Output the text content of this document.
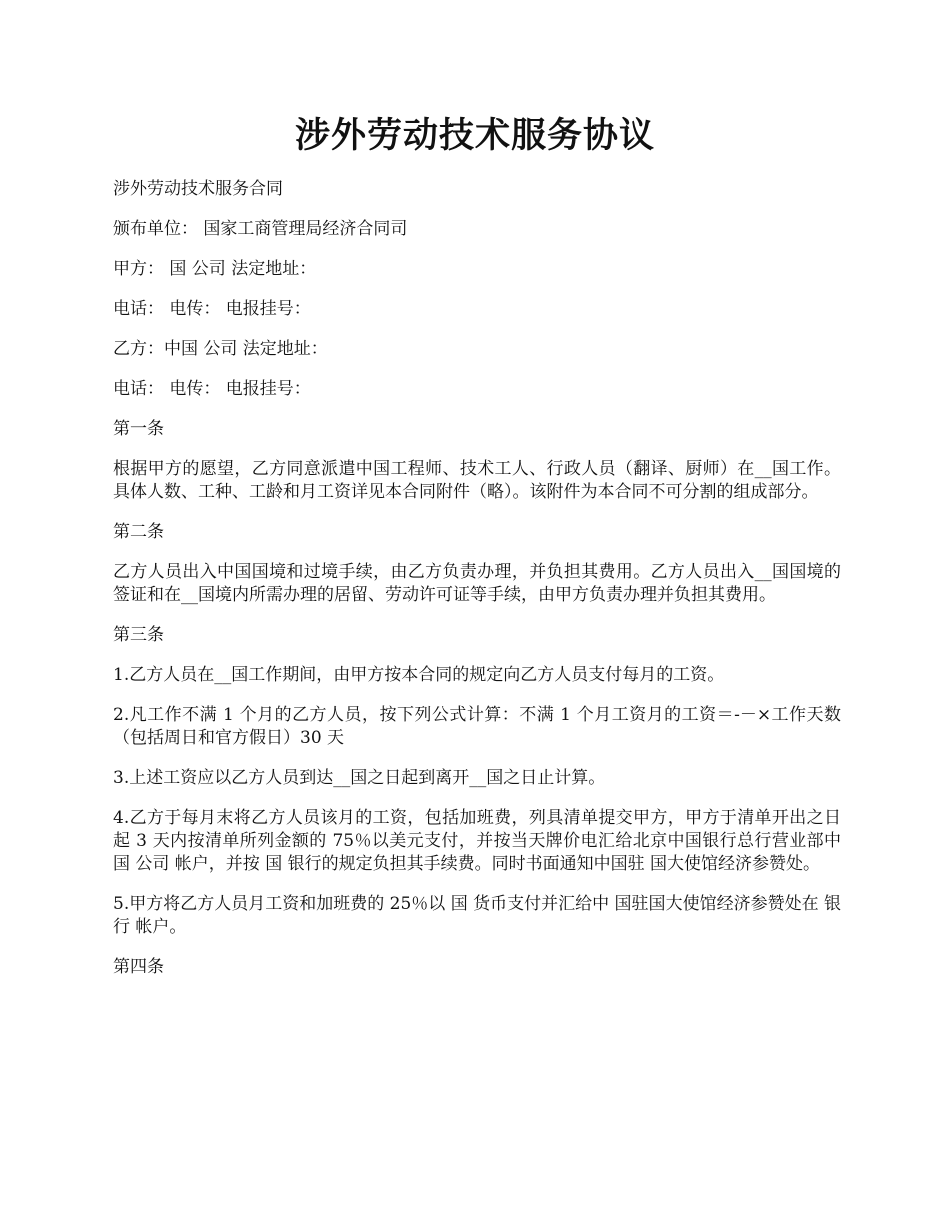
涉外劳动技术服务协议

涉外劳动技术服务合同

颁布单位： 国家工商管理局经济合同司

甲方： 国 公司 法定地址：

电话： 电传： 电报挂号：

乙方：中国 公司 法定地址：

电话： 电传： 电报挂号：

第一条

根据甲方的愿望，乙方同意派遣中国工程师、技术工人、行政人员（翻译、厨师）在__国工作。具体人数、工种、工龄和月工资详见本合同附件（略）。该附件为本合同不可分割的组成部分。

第二条

乙方人员出入中国国境和过境手续，由乙方负责办理，并负担其费用。乙方人员出入__国国境的签证和在__国境内所需办理的居留、劳动许可证等手续，由甲方负责办理并负担其费用。

第三条

1.乙方人员在__国工作期间，由甲方按本合同的规定向乙方人员支付每月的工资。

2.凡工作不满 1 个月的乙方人员，按下列公式计算：不满 1 个月工资月的工资＝-－×工作天数（包括周日和官方假日）30 天

3.上述工资应以乙方人员到达__国之日起到离开__国之日止计算。

4.乙方于每月末将乙方人员该月的工资，包括加班费，列具清单提交甲方，甲方于清单开出之日起 3 天内按清单所列金额的 75％以美元支付，并按当天牌价电汇给北京中国银行总行营业部中国 公司 帐户，并按 国 银行的规定负担其手续费。同时书面通知中国驻 国大使馆经济参赞处。

5.甲方将乙方人员月工资和加班费的 25％以 国 货币支付并汇给中 国驻国大使馆经济参赞处在 银行 帐户。

第四条
